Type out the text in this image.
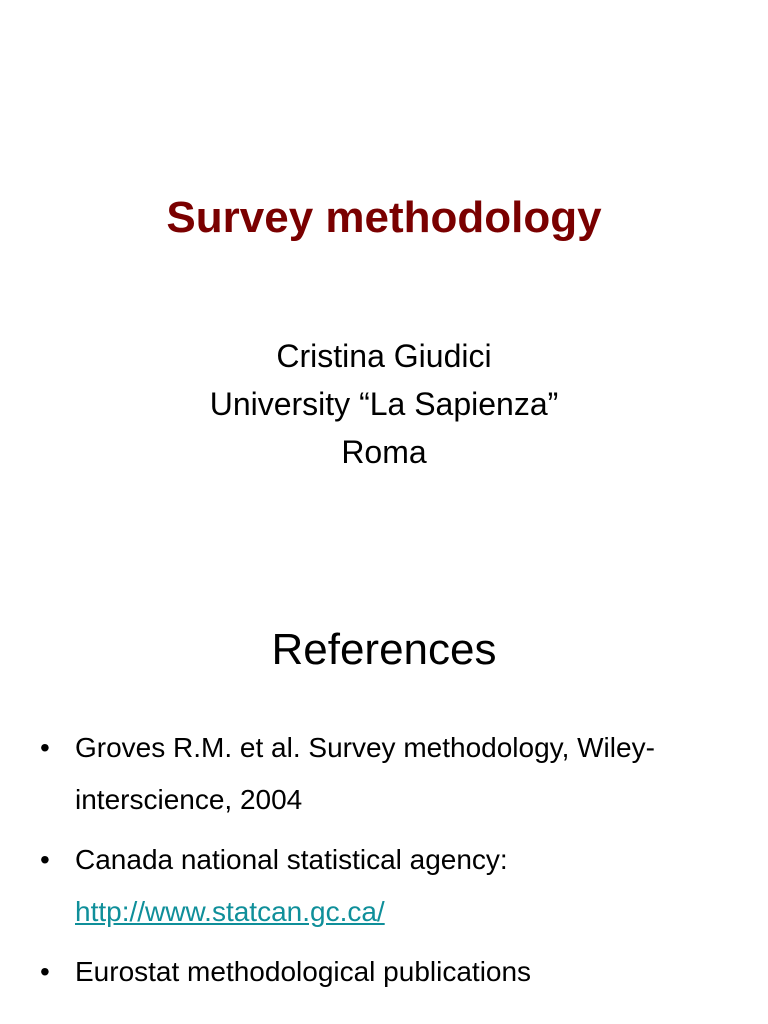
Survey methodology
Cristina Giudici
University “La Sapienza”
Roma
References
• Groves R.M. et al. Survey methodology, Wiley-interscience, 2004
• Canada national statistical agency:
http://www.statcan.gc.ca/
• Eurostat methodological publications
